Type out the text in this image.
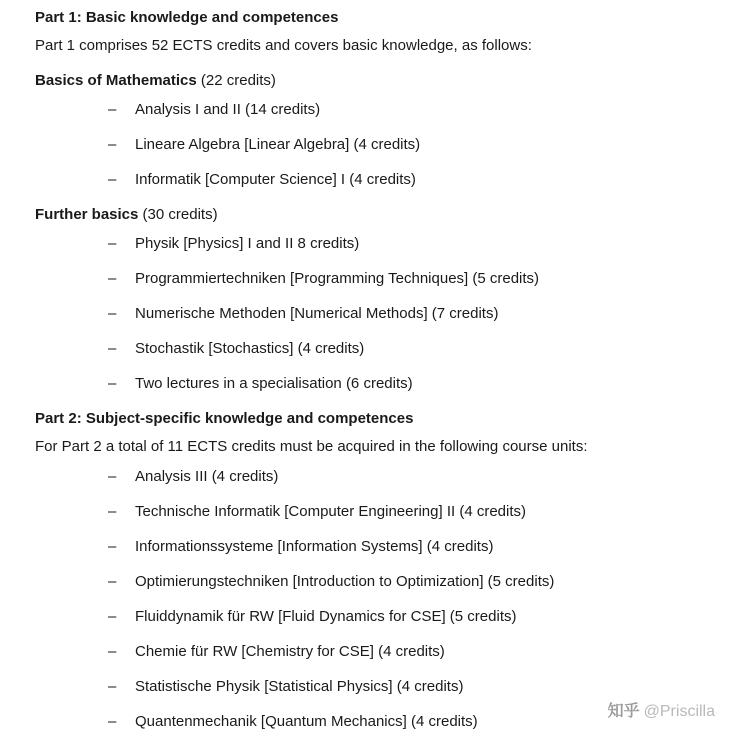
Part 1: Basic knowledge and competences

Part 1 comprises 52 ECTS credits and covers basic knowledge, as follows:

Basics of Mathematics (22 credits)

– Analysis I and II (14 credits)
– Lineare Algebra [Linear Algebra] (4 credits)
– Informatik [Computer Science] I (4 credits)

Further basics (30 credits)

– Physik [Physics] I and II 8 credits)
– Programmiertechniken [Programming Techniques] (5 credits)
– Numerische Methoden [Numerical Methods] (7 credits)
– Stochastik [Stochastics] (4 credits)
– Two lectures in a specialisation (6 credits)

Part 2: Subject-specific knowledge and competences

For Part 2 a total of 11 ECTS credits must be acquired in the following course units:

– Analysis III (4 credits)
– Technische Informatik [Computer Engineering] II (4 credits)
– Informationssysteme [Information Systems] (4 credits)
– Optimierungstechniken [Introduction to Optimization] (5 credits)
– Fluiddynamik für RW [Fluid Dynamics for CSE] (5 credits)
– Chemie für RW [Chemistry for CSE] (4 credits)
– Statistische Physik [Statistical Physics] (4 credits)
– Quantenmechanik [Quantum Mechanics] (4 credits)
知乎 @Priscilla
